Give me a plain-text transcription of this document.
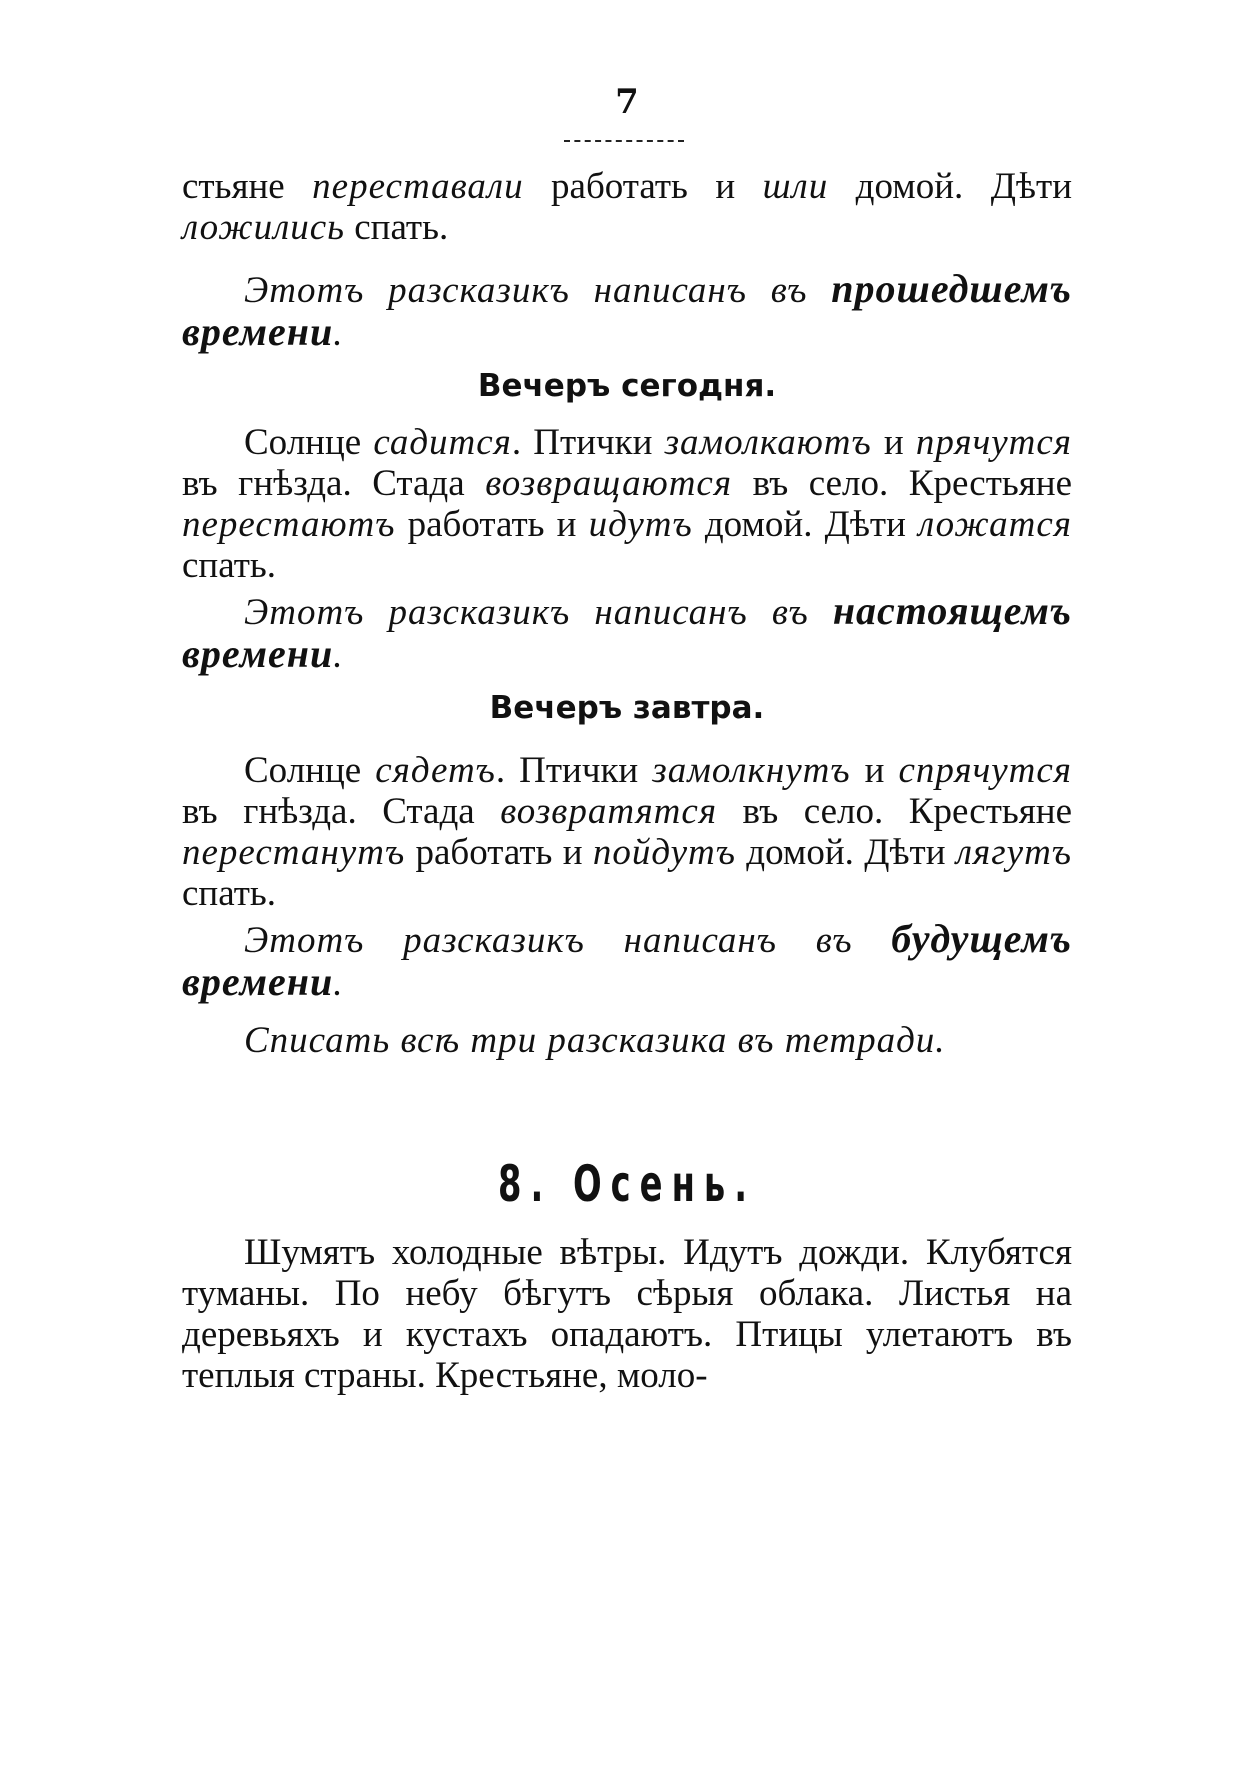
7

стьяне переставали работать и шли домой. Дѣти ложились спать.

Этотъ разсказикъ написанъ въ прошедшемъ времени.

Вечеръ сегодня.

Солнце садится. Птички замолкаютъ и прячутся въ гнѣзда. Стада возвращаются въ село. Крестьяне перестаютъ работать и идутъ домой. Дѣти ложатся спать.

Этотъ разсказикъ написанъ въ настоящемъ времени.

Вечеръ завтра.

Солнце сядетъ. Птички замолкнутъ и спрячутся въ гнѣзда. Стада возвратятся въ село. Крестьяне перестанутъ работать и пойдутъ домой. Дѣти лягутъ спать.

Этотъ разсказикъ написанъ въ будущемъ времени.

Списать всѣ три разсказика въ тетради.

8. Осень.

Шумятъ холодные вѣтры. Идутъ дожди. Клубятся туманы. По небу бѣгутъ сѣрыя облака. Листья на деревьяхъ и кустахъ опадаютъ. Птицы улетаютъ въ теплыя страны. Крестьяне, моло-
